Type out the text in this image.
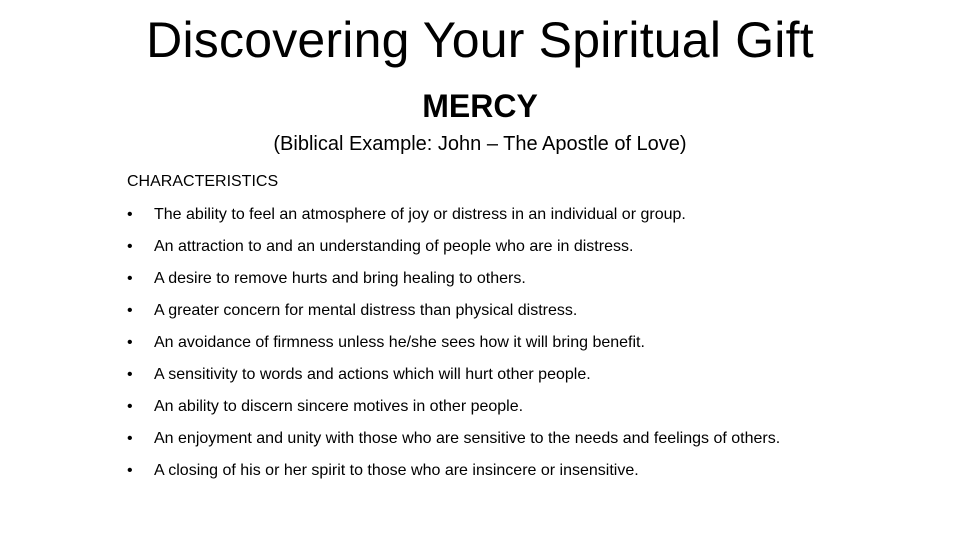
Discovering Your Spiritual Gift
MERCY
(Biblical Example: John – The Apostle of Love)
CHARACTERISTICS
• The ability to feel an atmosphere of joy or distress in an individual or group.
• An attraction to and an understanding of people who are in distress.
• A desire to remove hurts and bring healing to others.
• A greater concern for mental distress than physical distress.
• An avoidance of firmness unless he/she sees how it will bring benefit.
• A sensitivity to words and actions which will hurt other people.
• An ability to discern sincere motives in other people.
• An enjoyment and unity with those who are sensitive to the needs and feelings of others.
• A closing of his or her spirit to those who are insincere or insensitive.
